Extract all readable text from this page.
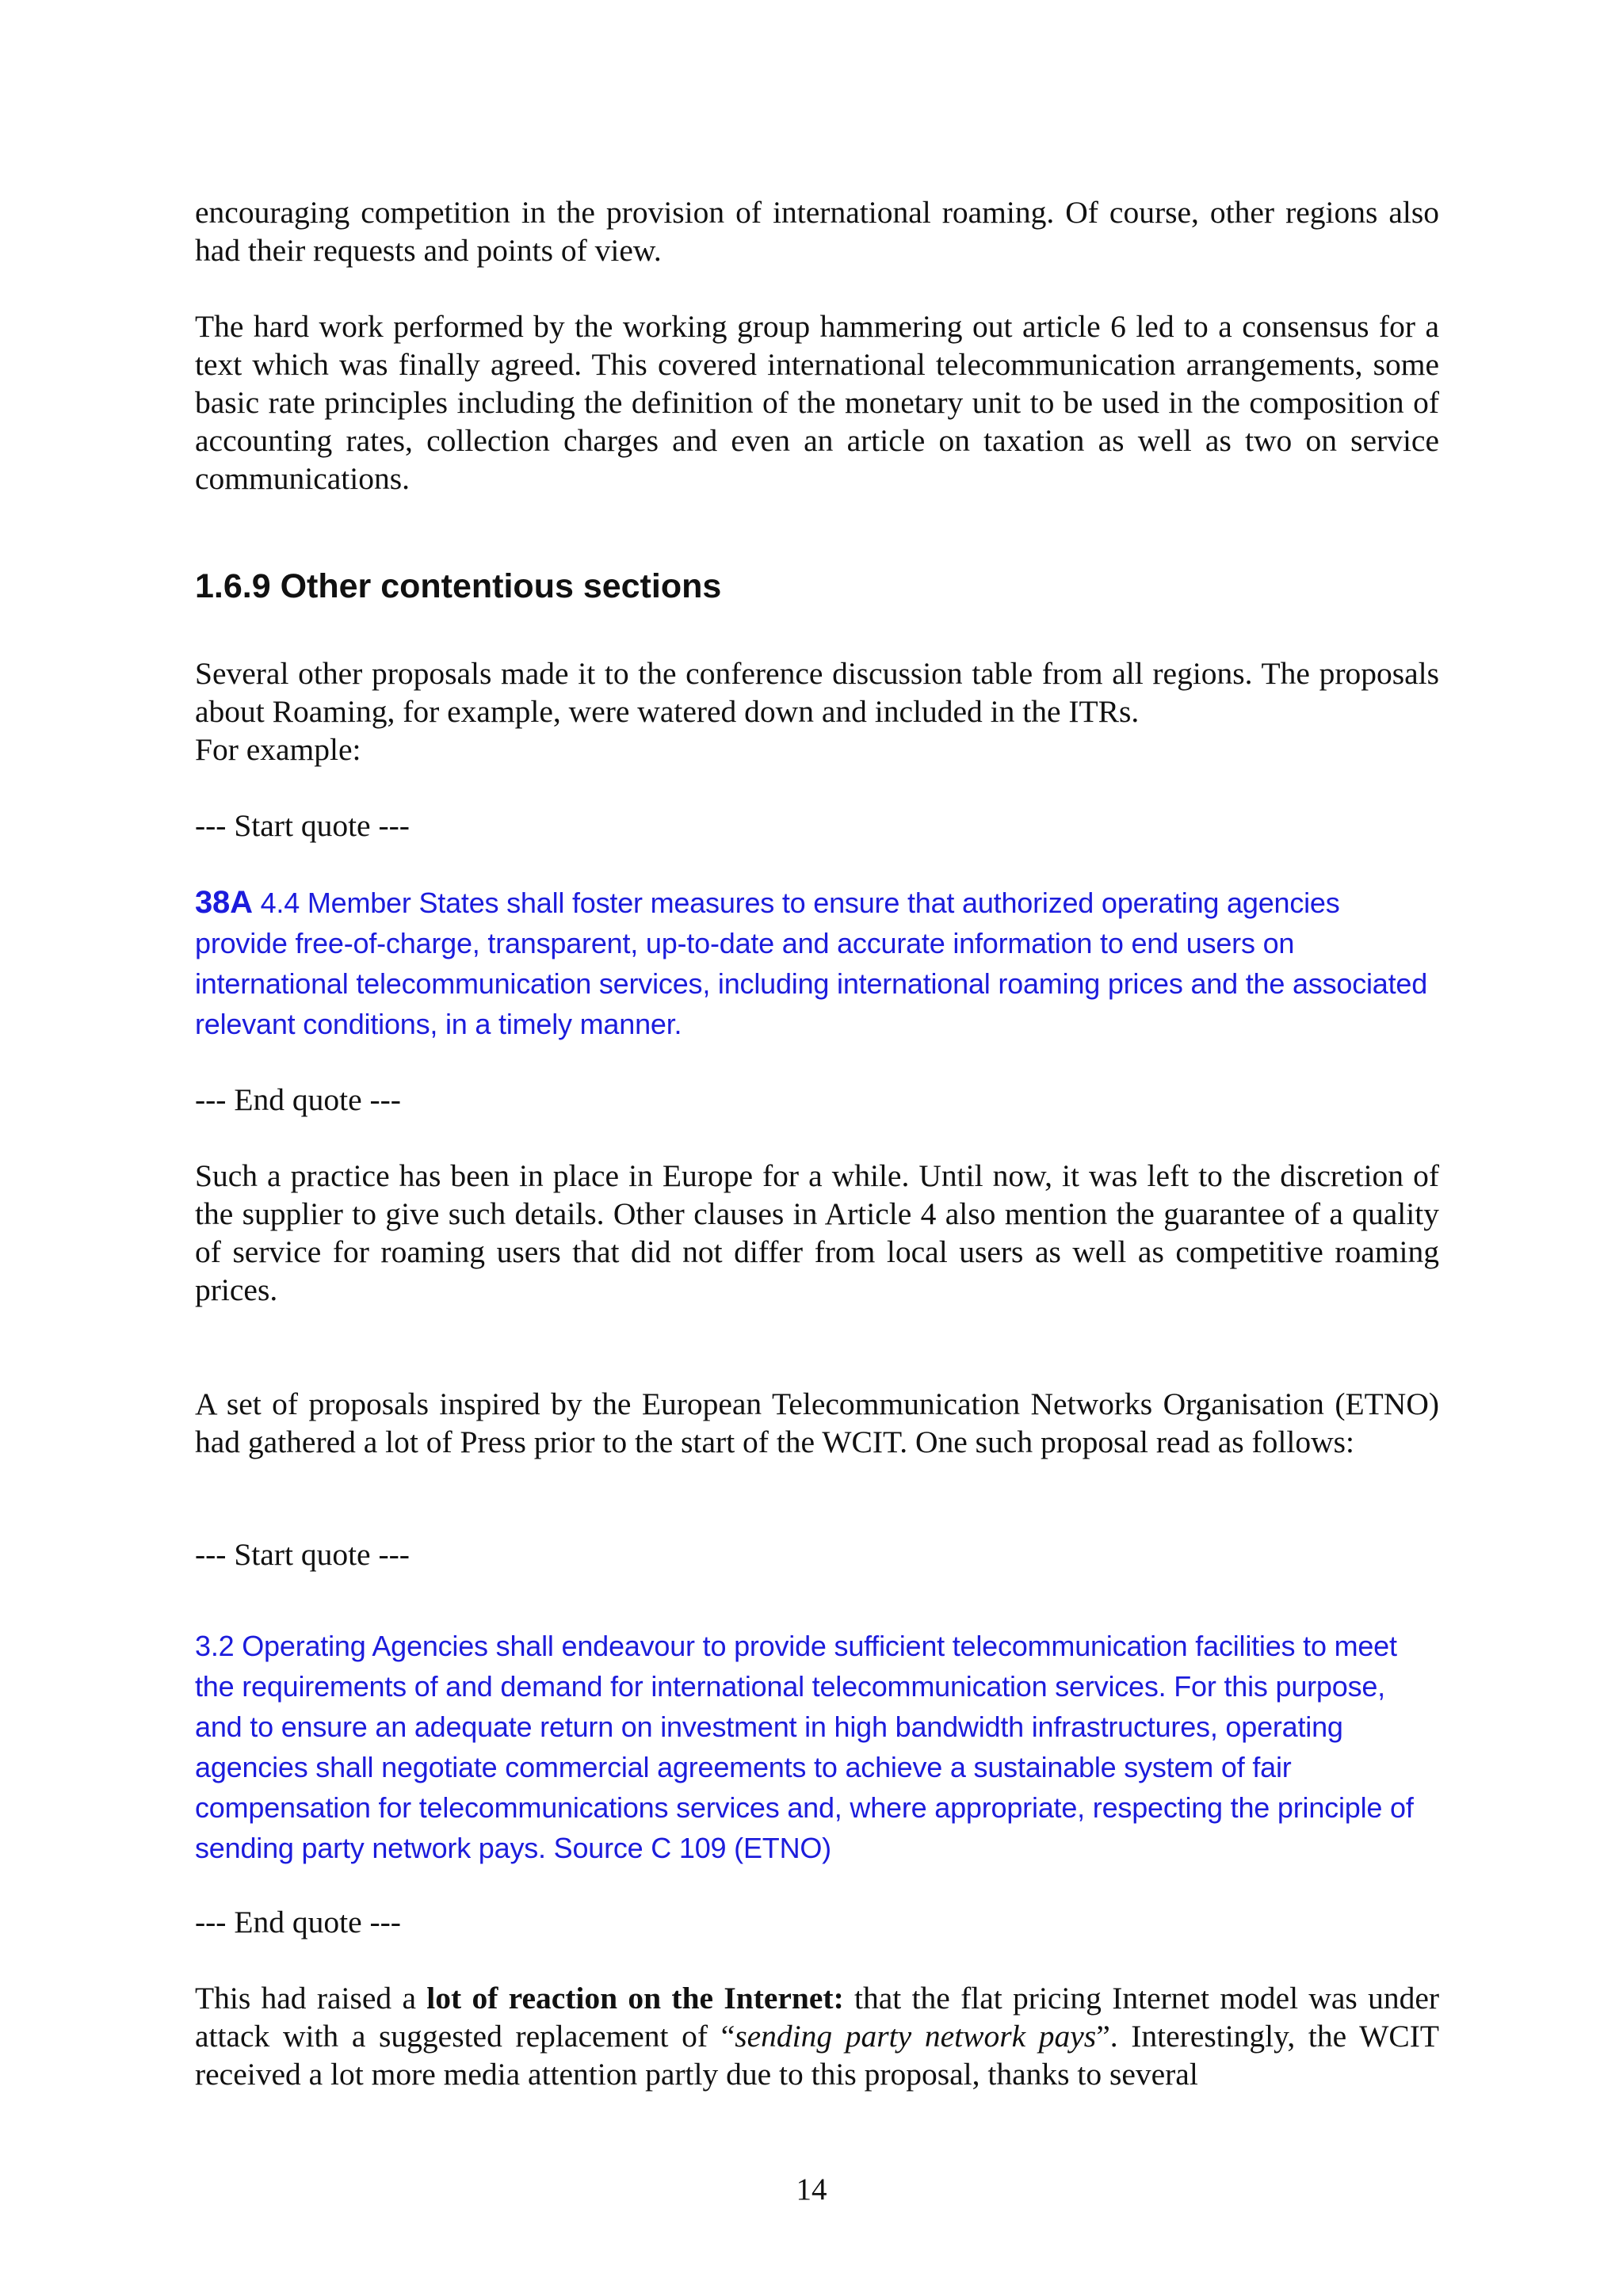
encouraging competition in the provision of international roaming. Of course, other regions also had their requests and points of view.

The hard work performed by the working group hammering out article 6 led to a consensus for a text which was finally agreed. This covered international telecommunication arrangements, some basic rate principles including the definition of the monetary unit to be used in the composition of accounting rates, collection charges and even an article on taxation as well as two on service communications.

1.6.9 Other contentious sections

Several other proposals made it to the conference discussion table from all regions. The proposals about Roaming, for example, were watered down and included in the ITRs.

For example:

--- Start quote ---

38A 4.4 Member States shall foster measures to ensure that authorized operating agencies provide free-of-charge, transparent, up-to-date and accurate information to end users on international telecommunication services, including international roaming prices and the associated relevant conditions, in a timely manner.

--- End quote ---

Such a practice has been in place in Europe for a while. Until now, it was left to the discretion of the supplier to give such details. Other clauses in Article 4 also mention the guarantee of a quality of service for roaming users that did not differ from local users as well as competitive roaming prices.

A set of proposals inspired by the European Telecommunication Networks Organisation (ETNO) had gathered a lot of Press prior to the start of the WCIT. One such proposal read as follows:

--- Start quote ---

3.2 Operating Agencies shall endeavour to provide sufficient telecommunication facilities to meet the requirements of and demand for international telecommunication services. For this purpose, and to ensure an adequate return on investment in high bandwidth infrastructures, operating agencies shall negotiate commercial agreements to achieve a sustainable system of fair compensation for telecommunications services and, where appropriate, respecting the principle of sending party network pays. Source C 109 (ETNO)

--- End quote ---

This had raised a lot of reaction on the Internet: that the flat pricing Internet model was under attack with a suggested replacement of “sending party network pays”. Interestingly, the WCIT received a lot more media attention partly due to this proposal, thanks to several

14
